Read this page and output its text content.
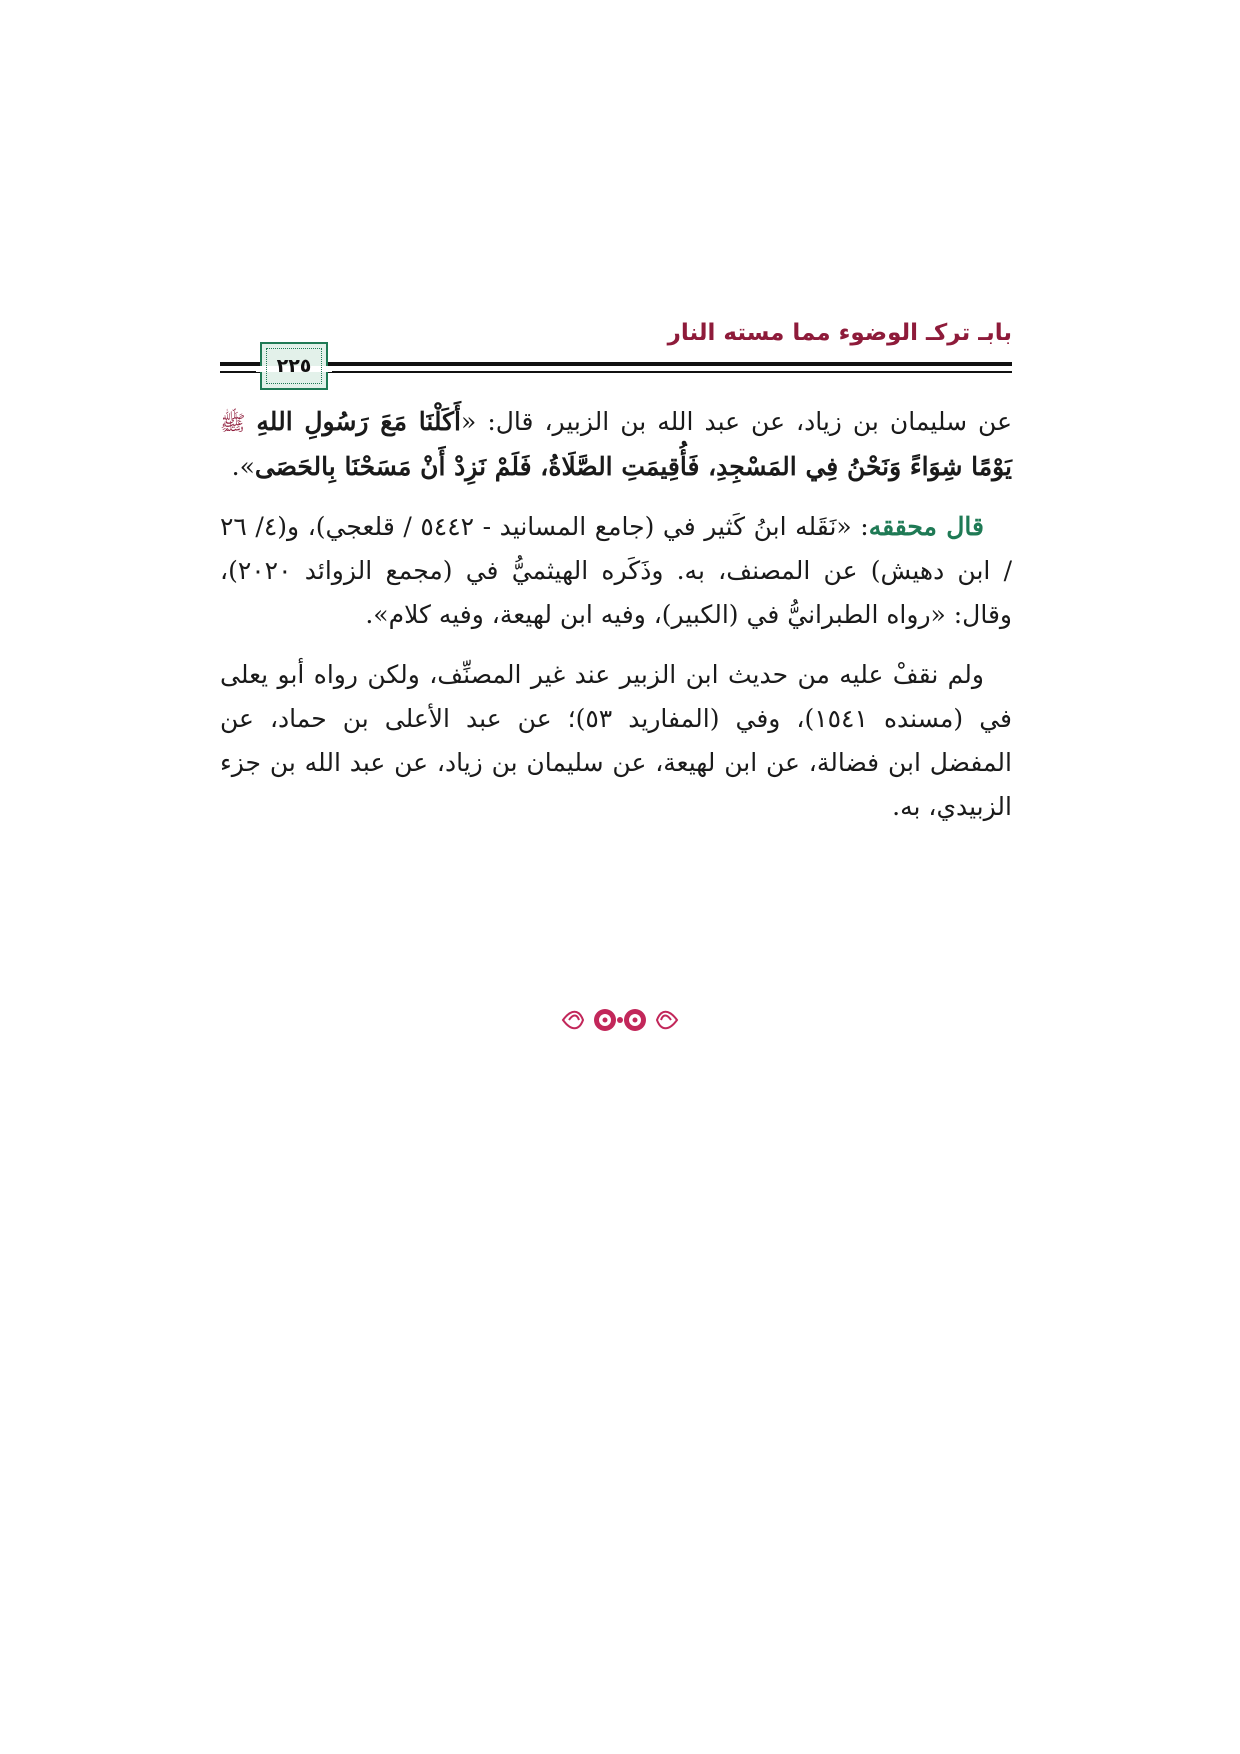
بابـ تركـ الوضوء مما مسته النار
٢٢٥

عن سليمان بن زياد، عن عبد الله بن الزبير، قال: «أَكَلْنَا مَعَ رَسُولِ اللهِ ﷺ يَوْمًا شِوَاءً وَنَحْنُ فِي المَسْجِدِ، فَأُقِيمَتِ الصَّلَاةُ، فَلَمْ نَزِدْ أَنْ مَسَحْنَا بِالحَصَى».

قال محققه: «نَقَله ابنُ كَثير في (جامع المسانيد - ٥٤٤٢ / قلعجي)، و(٤/ ٢٦ / ابن دهيش) عن المصنف، به. وذَكَره الهيثميُّ في (مجمع الزوائد ٢٠٢٠)، وقال: «رواه الطبرانيُّ في (الكبير)، وفيه ابن لهيعة، وفيه كلام».

ولم نقفْ عليه من حديث ابن الزبير عند غير المصنِّف، ولكن رواه أبو يعلى في (مسنده ١٥٤١)، وفي (المفاريد ٥٣)؛ عن عبد الأعلى بن حماد، عن المفضل ابن فضالة، عن ابن لهيعة، عن سليمان بن زياد، عن عبد الله بن جزء الزبيدي، به.
